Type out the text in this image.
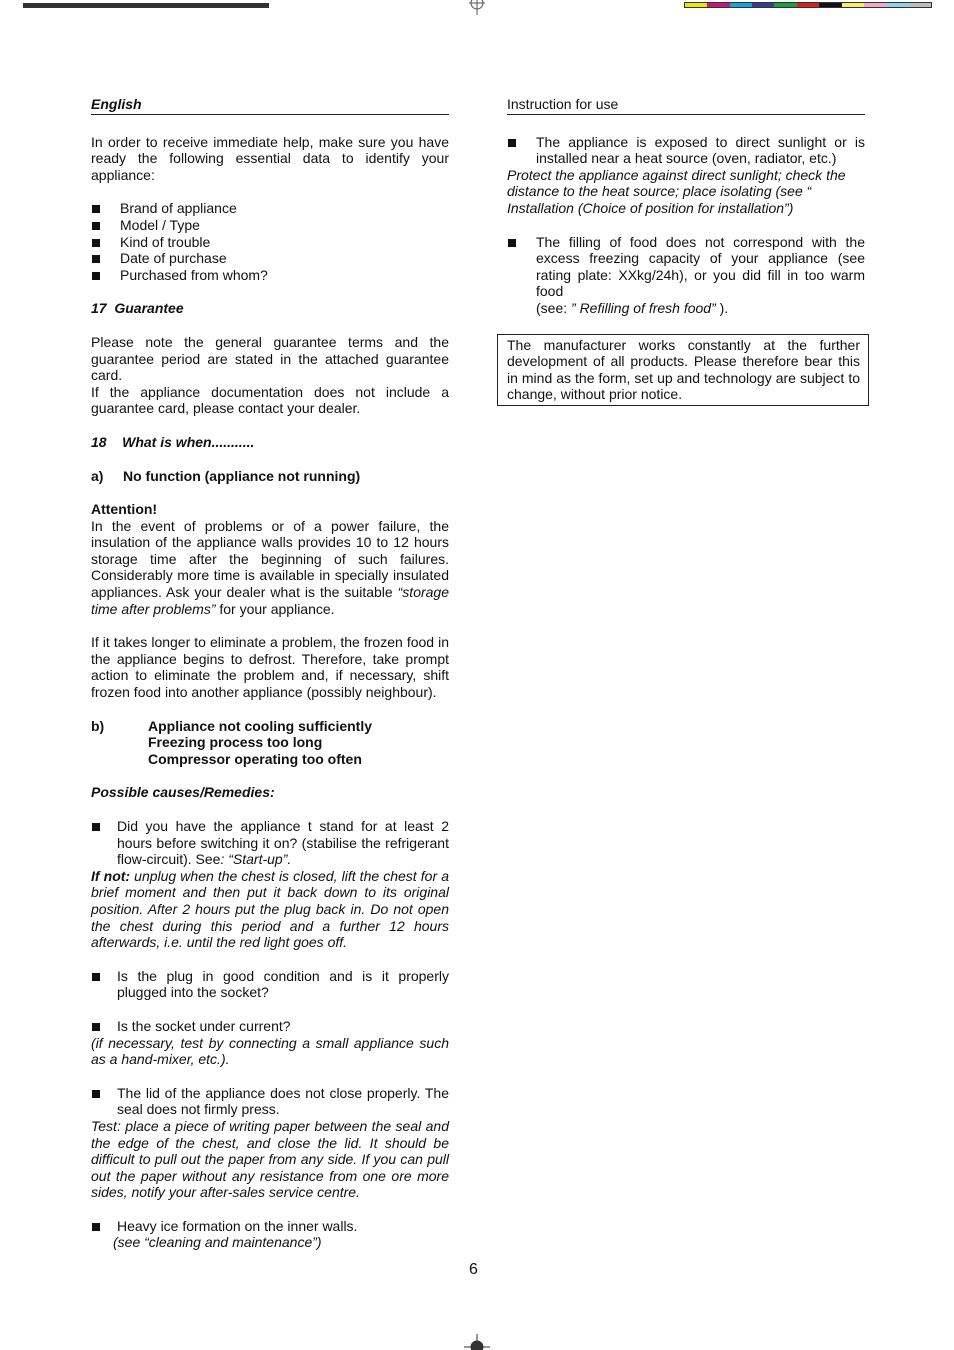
English

In order to receive immediate help, make sure you have ready the following essential data to identify your appliance:

Brand of appliance
Model / Type
Kind of trouble
Date of purchase
Purchased from whom?

17  Guarantee

Please note the general guarantee terms and the guarantee period are stated in the attached guarantee card.

If the appliance documentation does not include a guarantee card, please contact your dealer.

18    What is when...........

a)	No function (appliance not running)

Attention!

In the event of problems or of a power failure, the insulation of the appliance walls provides 10 to 12 hours storage time after the beginning of such failures. Considerably more time is available in specially insulated appliances. Ask your dealer what is the suitable “storage time after problems” for your appliance.

If it takes longer to eliminate a problem, the frozen food in the appliance begins to defrost. Therefore, take prompt action to eliminate the problem and, if necessary, shift frozen food into another appliance (possibly neighbour).

b)	Appliance not cooling sufficiently
Freezing process too long
Compressor operating too often

Possible causes/Remedies:

Did you have the appliance t stand for at least 2 hours before switching it on? (stabilise the refrigerant flow-circuit). See: “Start-up”.

If not: unplug when the chest is closed, lift the chest for a brief moment and then put it back down to its original position. After 2 hours put the plug back in. Do not open the chest during this period and a further 12 hours afterwards, i.e. until the red light goes off.

Is the plug in good condition and is it properly plugged into the socket?

Is the socket under current?

(if necessary, test by connecting a small appliance such as a hand-mixer, etc.).

The lid of the appliance does not close properly. The seal does not firmly press.

Test: place a piece of writing paper between the seal and the edge of the chest, and close the lid. It should be difficult to pull out the paper from any side. If you can pull out the paper without any resistance from one ore more sides, notify your after-sales service centre.

Heavy ice formation on the inner walls.

(see “cleaning and maintenance”)

Instruction for use

The appliance is exposed to direct sunlight or is installed near a heat source (oven, radiator, etc.)

Protect the appliance against direct sunlight; check the distance to the heat source; place isolating (see “ Installation (Choice of position for installation”)

The filling of food does not correspond with the excess freezing capacity of your appliance (see rating plate: XXkg/24h), or you did fill in too warm food

(see: ” Refilling of fresh food” ).

The manufacturer works constantly at the further development of all products. Please therefore bear this in mind as the form, set up and technology are subject to change, without prior notice.

6
